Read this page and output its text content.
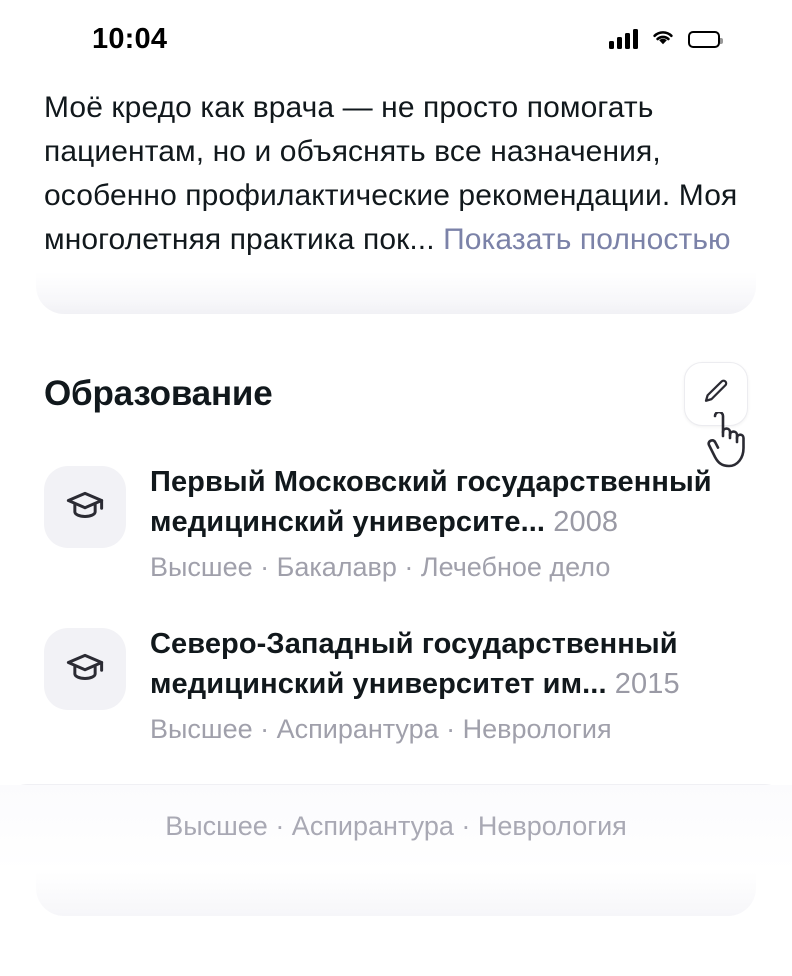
10:04
Моё кредо как врача — не просто помогать пациентам, но и объяснять все назначения, особенно профилактические рекомендации. Моя многолетняя практика пок... Показать полностью
Образование
Первый Московский государственный медицинский университе... 2008
Высшее · Бакалавр · Лечебное дело
Северо-Западный государственный медицинский университет им... 2015
Высшее · Аспирантура · Неврология
Высшее · Аспирантура · Неврология
